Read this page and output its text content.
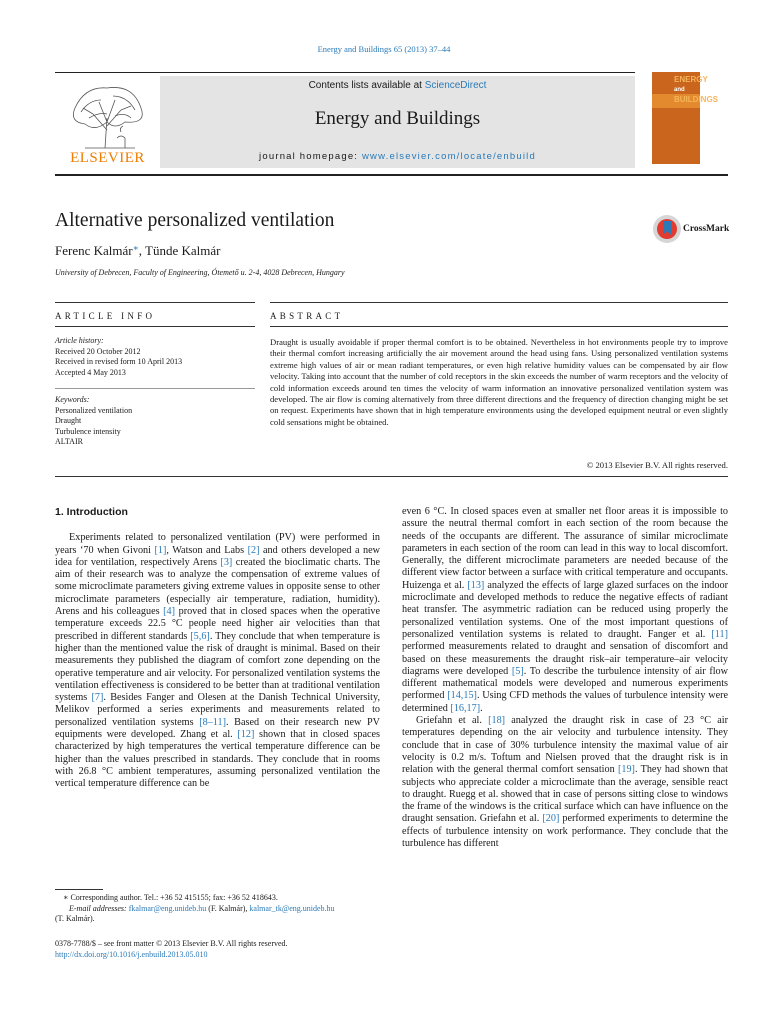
Energy and Buildings 65 (2013) 37–44
Contents lists available at ScienceDirect
Energy and Buildings
journal homepage: www.elsevier.com/locate/enbuild
ELSEVIER
ENERGY
and BUILDINGS
Alternative personalized ventilation	CrossMark
Ferenc Kalmár∗, Tünde Kalmár
University of Debrecen, Faculty of Engineering, Ótemető u. 2-4, 4028 Debrecen, Hungary
ARTICLE INFO	ABSTRACT
Article history:
Received 20 October 2012
Received in revised form 10 April 2013
Accepted 4 May 2013
Keywords:
Personalized ventilation
Draught
Turbulence intensity
ALTAIR
Draught is usually avoidable if proper thermal comfort is to be obtained. Nevertheless in hot environments people try to improve their thermal comfort increasing artificially the air movement around the head using fans. Using personalized ventilation systems extreme high values of air or mean radiant temperatures, or even high relative humidity values can be compensated by air flow velocity. Taking into account that the number of cold receptors in the skin exceeds the number of warm receptors and the velocity of cold information exceeds around ten times the velocity of warm information an innovative personalized ventilation system was developed. The air flow is coming alternatively from three different directions and the frequency of direction changing might be set on request. Experiments have shown that in high temperature environments using the developed equipment neutral or even slightly cold sensations might be obtained.
© 2013 Elsevier B.V. All rights reserved.

1. Introduction

Experiments related to personalized ventilation (PV) were performed in years ‘70 when Givoni [1], Watson and Labs [2] and others developed a new idea for ventilation, respectively Arens [3] created the bioclimatic charts. The aim of their research was to analyze the compensation of extreme values of some microclimate parameters giving extreme values in opposite sense to other microclimate parameters (especially air temperature, radiation, humidity). Arens and his colleagues [4] proved that in closed spaces when the operative temperature exceeds 22.5 °C people need higher air velocities than that prescribed in different standards [5,6]. They conclude that when temperature is higher than the mentioned value the risk of draught is minimal. Based on their measurements they published the diagram of comfort zone depending on the operative temperature and air velocity. For personalized ventilation systems the ventilation effectiveness is considered to be better than at traditional ventilation systems [7]. Besides Fanger and Olesen at the Danish Technical University, Melikov performed a series experiments and measurements related to personalized ventilation systems [8–11]. Based on their research new PV equipments were developed. Zhang et al. [12] shown that in closed spaces characterized by high temperatures the vertical temperature difference can be higher than the values prescribed in standards. They conclude that in rooms with 26.8 °C ambient temperatures, assuming personalized ventilation the vertical temperature difference can be

even 6 °C. In closed spaces even at smaller net floor areas it is impossible to assure the neutral thermal comfort in each section of the room because the needs of the occupants are different. The assurance of similar microclimate parameters in each section of the room can lead in this way to local discomfort. Generally, the different microclimate parameters are needed because of the different view factor between a surface with critical temperature and occupants. Huizenga et al. [13] analyzed the effects of large glazed surfaces on the indoor microclimate and developed methods to reduce the negative effects of radiant heat transfer. The asymmetric radiation can be reduced using properly the personalized ventilation systems. One of the most important questions of personalized ventilation systems is related to draught. Fanger et al. [11] performed measurements related to draught and sensation of discomfort and based on these measurements the draught risk–air temperature–air velocity diagrams were developed [5]. To describe the turbulence intensity of air flow different mathematical models were developed and numerous experiments performed [14,15]. Using CFD methods the values of turbulence intensity were determined [16,17].

Griefahn et al. [18] analyzed the draught risk in case of 23 °C air temperatures depending on the air velocity and turbulence intensity. They conclude that in case of 30% turbulence intensity the maximal value of air velocity is 0.2 m/s. Toftum and Nielsen proved that the draught risk is in relation with the general thermal comfort sensation [19]. They had shown that subjects who appreciate colder a microclimate than the average, sensible react to draught. Ruegg et al. showed that in case of persons sitting close to windows the frame of the windows is the critical surface which can have influence on the draught sensation. Griefahn et al. [20] performed experiments to determine the effects of turbulence intensity on work performance. They conclude that the turbulence has different

∗ Corresponding author. Tel.: +36 52 415155; fax: +36 52 418643.
E-mail addresses: fkalmar@eng.unideb.hu (F. Kalmár), kalmar_tk@eng.unideb.hu
(T. Kalmár).
0378-7788/$ – see front matter © 2013 Elsevier B.V. All rights reserved.
http://dx.doi.org/10.1016/j.enbuild.2013.05.010
